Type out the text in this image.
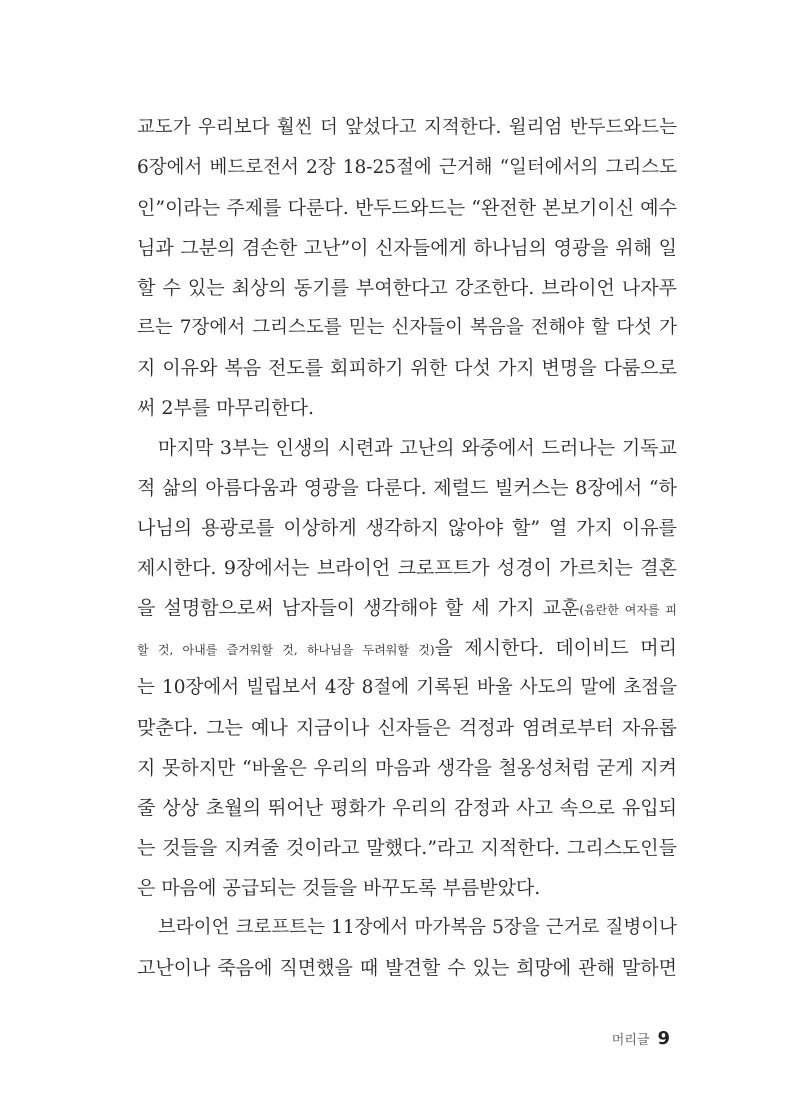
교도가 우리보다 훨씬 더 앞섰다고 지적한다. 윌리엄 반두드와드는
6장에서 베드로전서 2장 18-25절에 근거해 “일터에서의 그리스도
인”이라는 주제를 다룬다. 반두드와드는 “완전한 본보기이신 예수
님과 그분의 겸손한 고난”이 신자들에게 하나님의 영광을 위해 일
할 수 있는 최상의 동기를 부여한다고 강조한다. 브라이언 나자푸
르는 7장에서 그리스도를 믿는 신자들이 복음을 전해야 할 다섯 가
지 이유와 복음 전도를 회피하기 위한 다섯 가지 변명을 다룸으로
써 2부를 마무리한다.
마지막 3부는 인생의 시련과 고난의 와중에서 드러나는 기독교
적 삶의 아름다움과 영광을 다룬다. 제럴드 빌커스는 8장에서 “하
나님의 용광로를 이상하게 생각하지 않아야 할” 열 가지 이유를
제시한다. 9장에서는 브라이언 크로프트가 성경이 가르치는 결혼
을 설명함으로써 남자들이 생각해야 할 세 가지 교훈(음란한 여자를 피
할 것, 아내를 즐거워할 것, 하나님을 두려워할 것)을 제시한다. 데이비드 머리
는 10장에서 빌립보서 4장 8절에 기록된 바울 사도의 말에 초점을
맞춘다. 그는 예나 지금이나 신자들은 걱정과 염려로부터 자유롭
지 못하지만 “바울은 우리의 마음과 생각을 철옹성처럼 굳게 지켜
줄 상상 초월의 뛰어난 평화가 우리의 감정과 사고 속으로 유입되
는 것들을 지켜줄 것이라고 말했다.”라고 지적한다. 그리스도인들
은 마음에 공급되는 것들을 바꾸도록 부름받았다.
브라이언 크로프트는 11장에서 마가복음 5장을 근거로 질병이나
고난이나 죽음에 직면했을 때 발견할 수 있는 희망에 관해 말하면
머리글 9
